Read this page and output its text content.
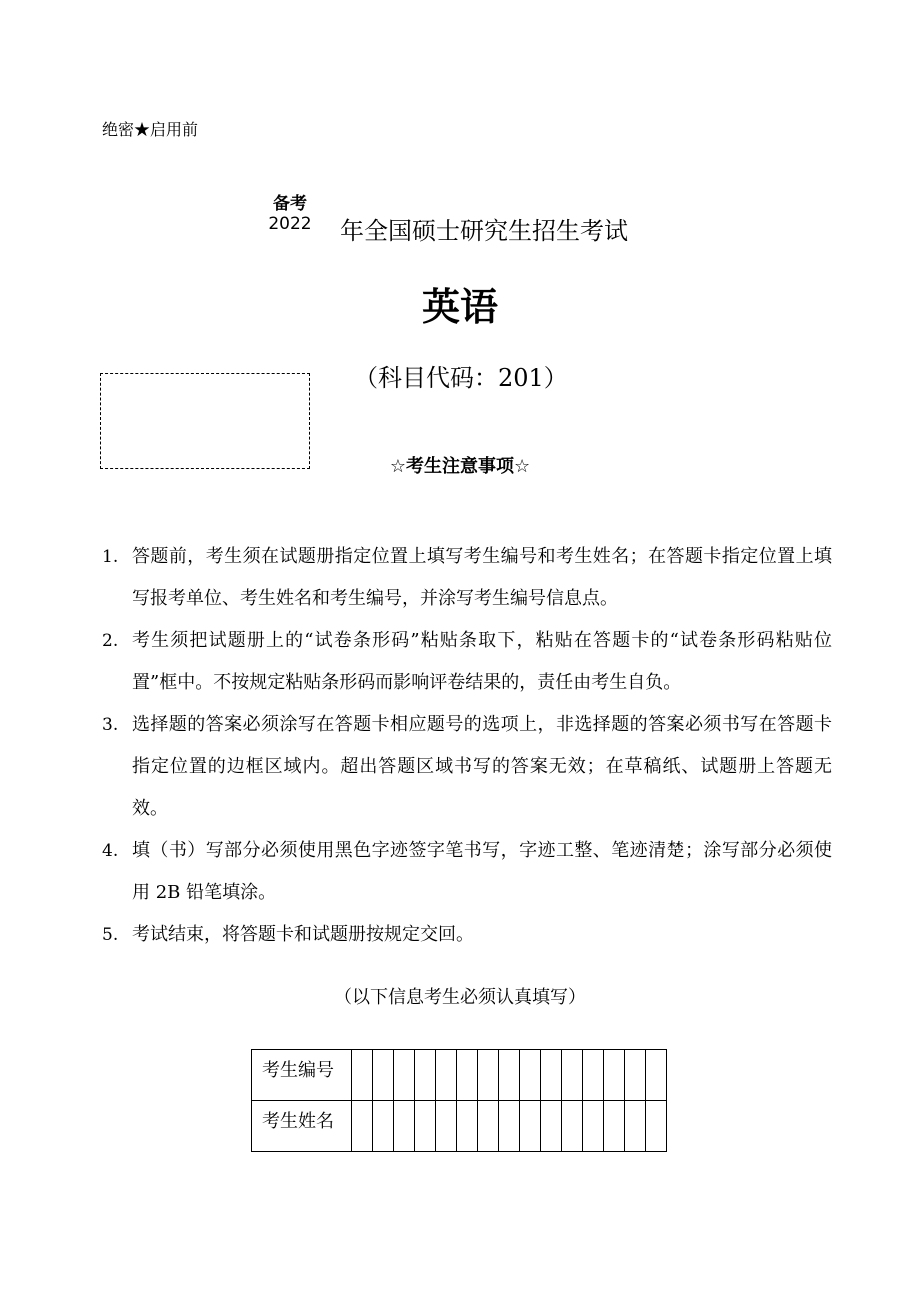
绝密★启用前
备考
2022 年全国硕士研究生招生考试
英语
（科目代码：201）
☆考生注意事项☆
1. 答题前，考生须在试题册指定位置上填写考生编号和考生姓名；在答题卡指定位置上填写报考单位、考生姓名和考生编号，并涂写考生编号信息点。
2. 考生须把试题册上的“试卷条形码”粘贴条取下，粘贴在答题卡的“试卷条形码粘贴位置”框中。不按规定粘贴条形码而影响评卷结果的，责任由考生自负。
3. 选择题的答案必须涂写在答题卡相应题号的选项上，非选择题的答案必须书写在答题卡指定位置的边框区域内。超出答题区域书写的答案无效；在草稿纸、试题册上答题无效。
4. 填（书）写部分必须使用黑色字迹签字笔书写，字迹工整、笔迹清楚；涂写部分必须使用 2B 铅笔填涂。
5. 考试结束，将答题卡和试题册按规定交回。
（以下信息考生必须认真填写）
考生编号															
考生姓名															
